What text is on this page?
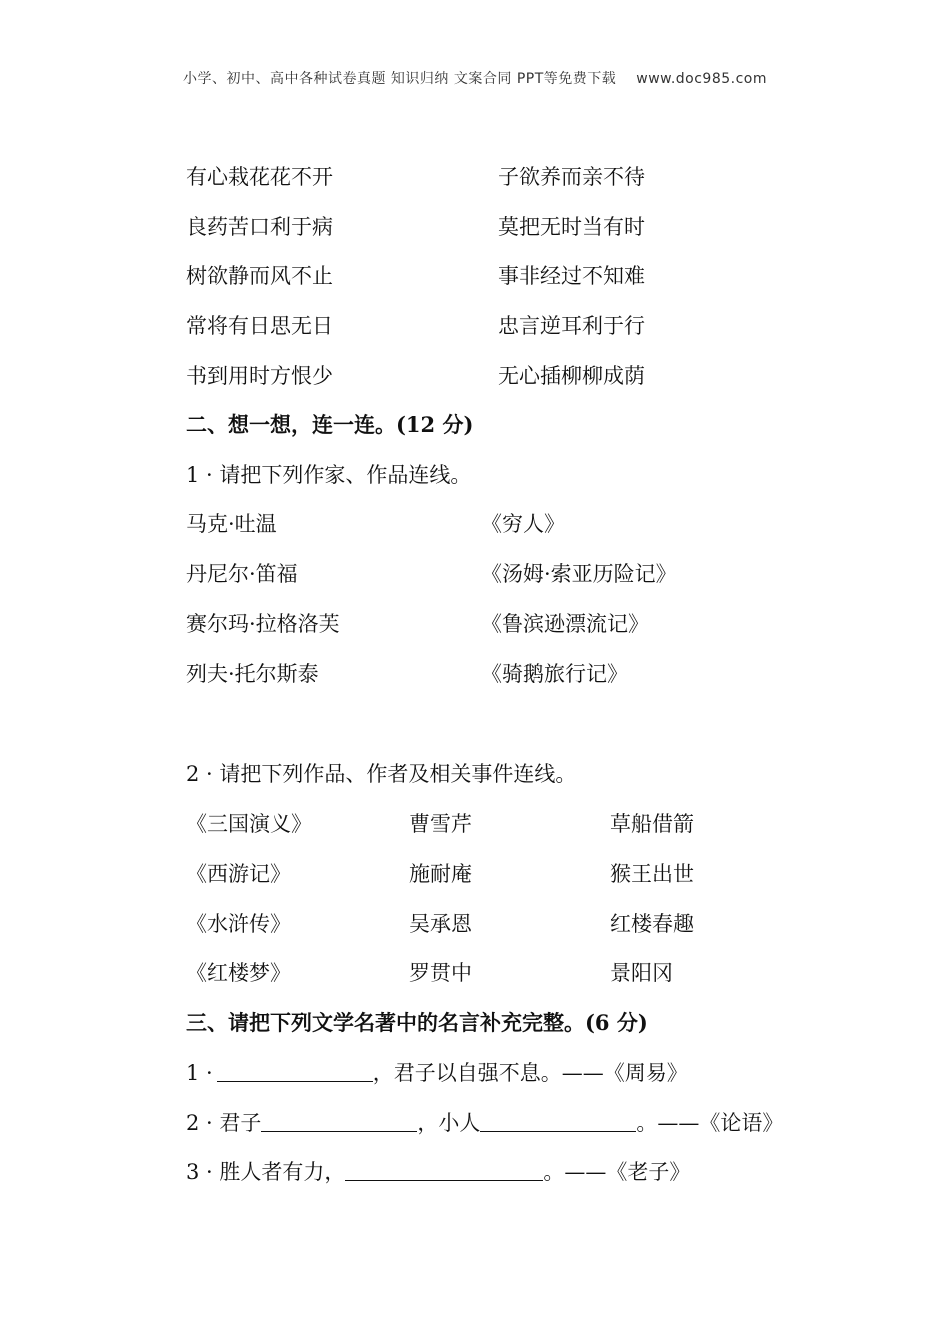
小学、初中、高中各种试卷真题 知识归纳 文案合同 PPT等免费下载 www.doc985.com
有心栽花花不开	子欲养而亲不待
良药苦口利于病	莫把无时当有时
树欲静而风不止	事非经过不知难
常将有日思无日	忠言逆耳利于行
书到用时方恨少	无心插柳柳成荫
二、想一想，连一连。(12 分)
1 · 请把下列作家、作品连线。
马克·吐温	《穷人》
丹尼尔·笛福	《汤姆·索亚历险记》
赛尔玛·拉格洛芙	《鲁滨逊漂流记》
列夫·托尔斯泰	《骑鹅旅行记》
2 · 请把下列作品、作者及相关事件连线。
《三国演义》	曹雪芹	草船借箭
《西游记》	施耐庵	猴王出世
《水浒传》	吴承恩	红楼春趣
《红楼梦》	罗贯中	景阳冈
三、请把下列文学名著中的名言补充完整。(6 分)
1 ·	，君子以自强不息。——《周易》
2 · 君子	，小人	。——《论语》
3 · 胜人者有力，	。——《老子》
